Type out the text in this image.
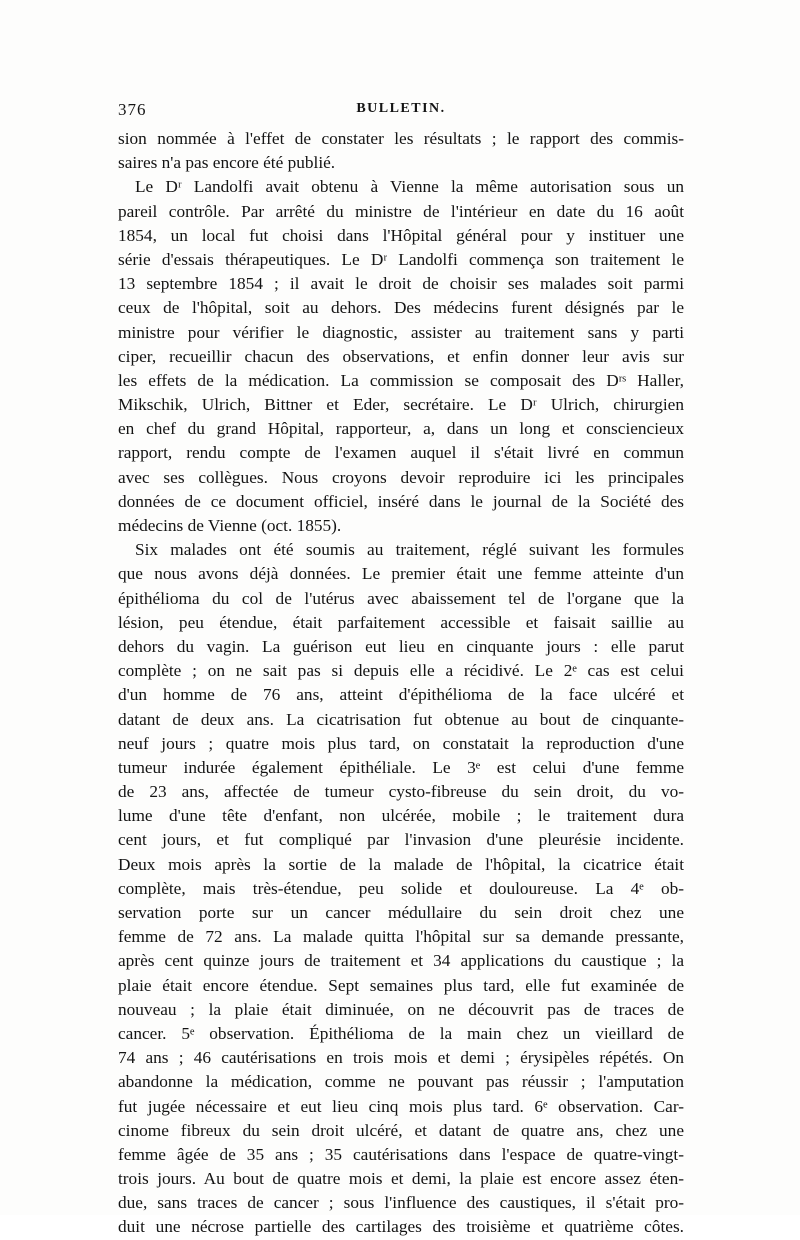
376	BULLETIN.
sion nommée à l'effet de constater les résultats ; le rapport des commis-
saires n'a pas encore été publié.
Le Dʳ Landolfi avait obtenu à Vienne la même autorisation sous un
pareil contrôle. Par arrêté du ministre de l'intérieur en date du 16 août
1854, un local fut choisi dans l'Hôpital général pour y instituer une
série d'essais thérapeutiques. Le Dʳ Landolfi commença son traitement le
13 septembre 1854 ; il avait le droit de choisir ses malades soit parmi
ceux de l'hôpital, soit au dehors. Des médecins furent désignés par le
ministre pour vérifier le diagnostic, assister au traitement sans y parti
ciper, recueillir chacun des observations, et enfin donner leur avis sur
les effets de la médication. La commission se composait des Dʳˢ Haller,
Mikschik, Ulrich, Bittner et Eder, secrétaire. Le Dʳ Ulrich, chirurgien
en chef du grand Hôpital, rapporteur, a, dans un long et consciencieux
rapport, rendu compte de l'examen auquel il s'était livré en commun
avec ses collègues. Nous croyons devoir reproduire ici les principales
données de ce document officiel, inséré dans le journal de la Société des
médecins de Vienne (oct. 1855).
Six malades ont été soumis au traitement, réglé suivant les formules
que nous avons déjà données. Le premier était une femme atteinte d'un
épithélioma du col de l'utérus avec abaissement tel de l'organe que la
lésion, peu étendue, était parfaitement accessible et faisait saillie au
dehors du vagin. La guérison eut lieu en cinquante jours : elle parut
complète ; on ne sait pas si depuis elle a récidivé. Le 2ᵉ cas est celui
d'un homme de 76 ans, atteint d'épithélioma de la face ulcéré et
datant de deux ans. La cicatrisation fut obtenue au bout de cinquante-
neuf jours ; quatre mois plus tard, on constatait la reproduction d'une
tumeur indurée également épithéliale. Le 3ᵉ est celui d'une femme
de 23 ans, affectée de tumeur cysto-fibreuse du sein droit, du vo-
lume d'une tête d'enfant, non ulcérée, mobile ; le traitement dura
cent jours, et fut compliqué par l'invasion d'une pleurésie incidente.
Deux mois après la sortie de la malade de l'hôpital, la cicatrice était
complète, mais très-étendue, peu solide et douloureuse. La 4ᵉ ob-
servation porte sur un cancer médullaire du sein droit chez une
femme de 72 ans. La malade quitta l'hôpital sur sa demande pressante,
après cent quinze jours de traitement et 34 applications du caustique ; la
plaie était encore étendue. Sept semaines plus tard, elle fut examinée de
nouveau ; la plaie était diminuée, on ne découvrit pas de traces de
cancer. 5ᵉ observation. Épithélioma de la main chez un vieillard de
74 ans ; 46 cautérisations en trois mois et demi ; érysipèles répétés. On
abandonne la médication, comme ne pouvant pas réussir ; l'amputation
fut jugée nécessaire et eut lieu cinq mois plus tard. 6ᵉ observation. Car-
cinome fibreux du sein droit ulcéré, et datant de quatre ans, chez une
femme âgée de 35 ans ; 35 cautérisations dans l'espace de quatre-vingt-
trois jours. Au bout de quatre mois et demi, la plaie est encore assez éten-
due, sans traces de cancer ; sous l'influence des caustiques, il s'était pro-
duit une nécrose partielle des cartilages des troisième et quatrième côtes.
